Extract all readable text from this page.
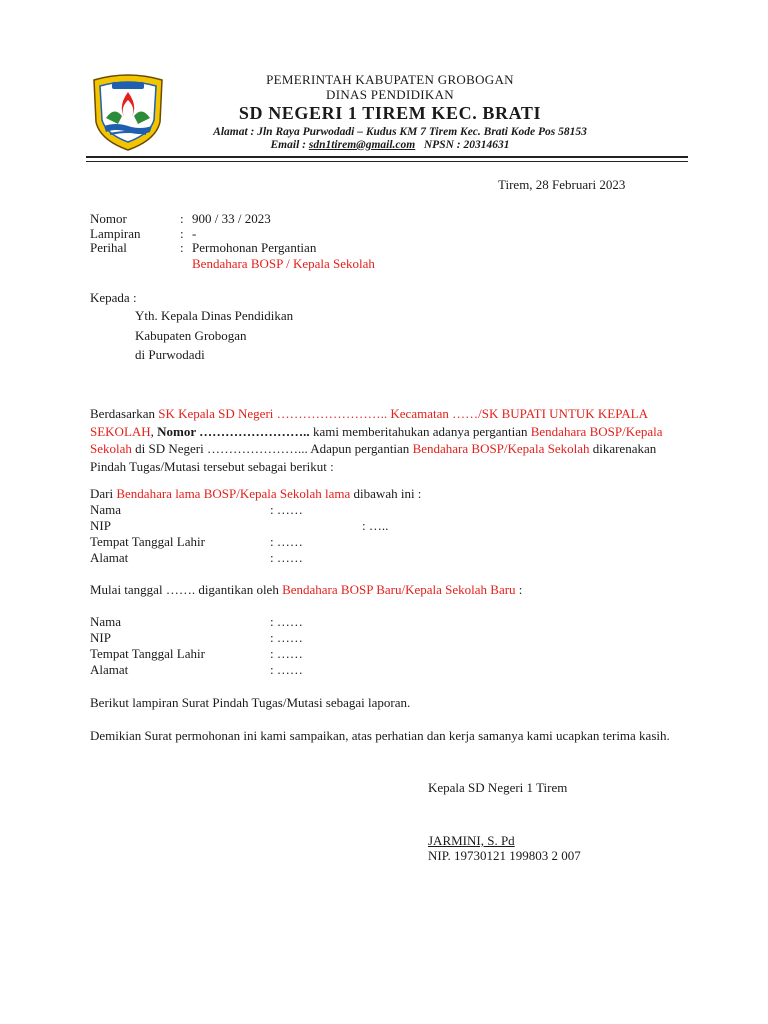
PEMERINTAH KABUPATEN GROBOGAN
DINAS PENDIDIKAN
SD NEGERI 1 TIREM KEC. BRATI
Alamat : Jln Raya Purwodadi – Kudus KM 7 Tirem Kec. Brati Kode Pos 58153
Email : sdn1tirem@gmail.com NPSN : 20314631
Tirem, 28 Februari 2023
Nomor	: 900 / 33 / 2023
Lampiran	: -
Perihal	: Permohonan Pergantian
Bendahara BOSP / Kepala Sekolah
Kepada :
Yth. Kepala Dinas Pendidikan
Kabupaten Grobogan
di Purwodadi
Berdasarkan SK Kepala SD Negeri …………………….. Kecamatan ……/SK BUPATI UNTUK KEPALA SEKOLAH, Nomor …………………….. kami memberitahukan adanya pergantian Bendahara BOSP/Kepala Sekolah di SD Negeri …………………... Adapun pergantian Bendahara BOSP/Kepala Sekolah dikarenakan Pindah Tugas/Mutasi tersebut sebagai berikut :
Dari Bendahara lama BOSP/Kepala Sekolah lama dibawah ini :
Nama	: ……
NIP	: …..
Tempat Tanggal Lahir	: ……
Alamat	: ……
Mulai tanggal ……. digantikan oleh Bendahara BOSP Baru/Kepala Sekolah Baru :
Nama	: ……
NIP	: ……
Tempat Tanggal Lahir	: ……
Alamat	: ……
Berikut lampiran Surat Pindah Tugas/Mutasi sebagai laporan.
Demikian Surat permohonan ini kami sampaikan, atas perhatian dan kerja samanya kami ucapkan terima kasih.
Kepala SD Negeri 1 Tirem
JARMINI, S. Pd
NIP. 19730121 199803 2 007
